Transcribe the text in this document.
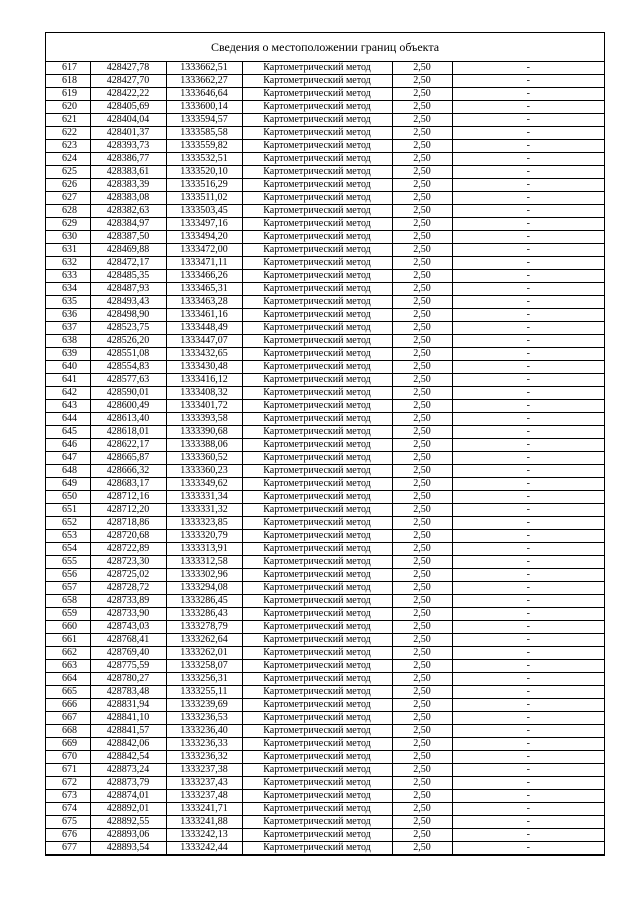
Сведения о местоположении границ объекта
617	428427,78	1333662,51	Картометрический метод	2,50	-
618	428427,70	1333662,27	Картометрический метод	2,50	-
619	428422,22	1333646,64	Картометрический метод	2,50	-
620	428405,69	1333600,14	Картометрический метод	2,50	-
621	428404,04	1333594,57	Картометрический метод	2,50	-
622	428401,37	1333585,58	Картометрический метод	2,50	-
623	428393,73	1333559,82	Картометрический метод	2,50	-
624	428386,77	1333532,51	Картометрический метод	2,50	-
625	428383,61	1333520,10	Картометрический метод	2,50	-
626	428383,39	1333516,29	Картометрический метод	2,50	-
627	428383,08	1333511,02	Картометрический метод	2,50	-
628	428382,63	1333503,45	Картометрический метод	2,50	-
629	428384,97	1333497,16	Картометрический метод	2,50	-
630	428387,50	1333494,20	Картометрический метод	2,50	-
631	428469,88	1333472,00	Картометрический метод	2,50	-
632	428472,17	1333471,11	Картометрический метод	2,50	-
633	428485,35	1333466,26	Картометрический метод	2,50	-
634	428487,93	1333465,31	Картометрический метод	2,50	-
635	428493,43	1333463,28	Картометрический метод	2,50	-
636	428498,90	1333461,16	Картометрический метод	2,50	-
637	428523,75	1333448,49	Картометрический метод	2,50	-
638	428526,20	1333447,07	Картометрический метод	2,50	-
639	428551,08	1333432,65	Картометрический метод	2,50	-
640	428554,83	1333430,48	Картометрический метод	2,50	-
641	428577,63	1333416,12	Картометрический метод	2,50	-
642	428590,01	1333408,32	Картометрический метод	2,50	-
643	428600,49	1333401,72	Картометрический метод	2,50	-
644	428613,40	1333393,58	Картометрический метод	2,50	-
645	428618,01	1333390,68	Картометрический метод	2,50	-
646	428622,17	1333388,06	Картометрический метод	2,50	-
647	428665,87	1333360,52	Картометрический метод	2,50	-
648	428666,32	1333360,23	Картометрический метод	2,50	-
649	428683,17	1333349,62	Картометрический метод	2,50	-
650	428712,16	1333331,34	Картометрический метод	2,50	-
651	428712,20	1333331,32	Картометрический метод	2,50	-
652	428718,86	1333323,85	Картометрический метод	2,50	-
653	428720,68	1333320,79	Картометрический метод	2,50	-
654	428722,89	1333313,91	Картометрический метод	2,50	-
655	428723,30	1333312,58	Картометрический метод	2,50	-
656	428725,02	1333302,96	Картометрический метод	2,50	-
657	428728,72	1333294,08	Картометрический метод	2,50	-
658	428733,89	1333286,45	Картометрический метод	2,50	-
659	428733,90	1333286,43	Картометрический метод	2,50	-
660	428743,03	1333278,79	Картометрический метод	2,50	-
661	428768,41	1333262,64	Картометрический метод	2,50	-
662	428769,40	1333262,01	Картометрический метод	2,50	-
663	428775,59	1333258,07	Картометрический метод	2,50	-
664	428780,27	1333256,31	Картометрический метод	2,50	-
665	428783,48	1333255,11	Картометрический метод	2,50	-
666	428831,94	1333239,69	Картометрический метод	2,50	-
667	428841,10	1333236,53	Картометрический метод	2,50	-
668	428841,57	1333236,40	Картометрический метод	2,50	-
669	428842,06	1333236,33	Картометрический метод	2,50	-
670	428842,54	1333236,32	Картометрический метод	2,50	-
671	428873,24	1333237,38	Картометрический метод	2,50	-
672	428873,79	1333237,43	Картометрический метод	2,50	-
673	428874,01	1333237,48	Картометрический метод	2,50	-
674	428892,01	1333241,71	Картометрический метод	2,50	-
675	428892,55	1333241,88	Картометрический метод	2,50	-
676	428893,06	1333242,13	Картометрический метод	2,50	-
677	428893,54	1333242,44	Картометрический метод	2,50	-
